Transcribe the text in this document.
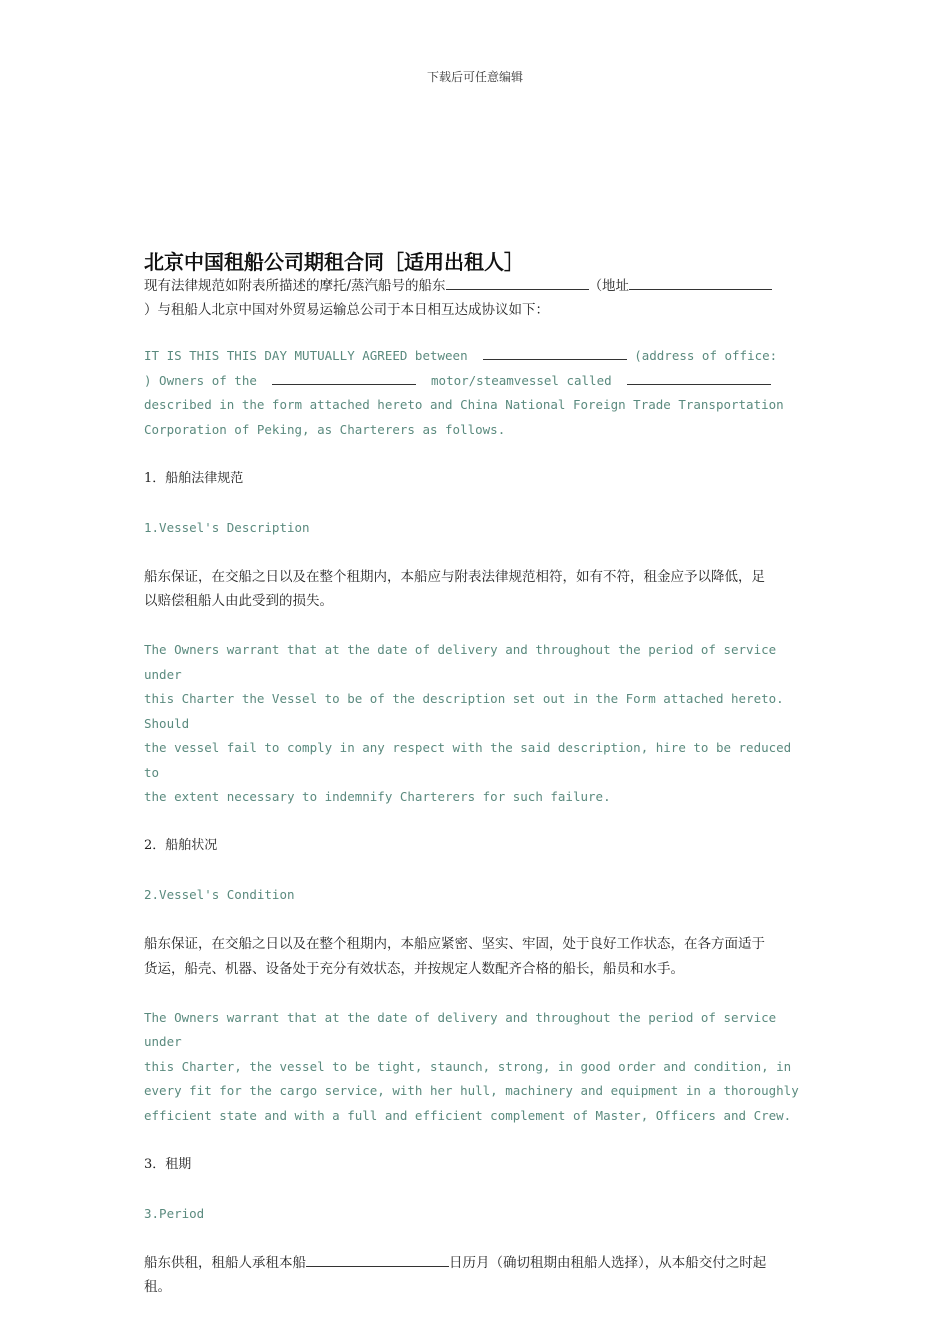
下载后可任意编辑
北京中国租船公司期租合同［适用出租人］

现有法律规范如附表所描述的摩托/蒸汽船号的船东	（地址

）与租船人北京中国对外贸易运输总公司于本日相互达成协议如下：

IT IS THIS THIS DAY MUTUALLY AGREED between	(address of office:

) Owners of the	motor/steamvessel called

described in the form attached hereto and China National Foreign Trade Transportation

Corporation of Peking, as Charterers as follows.

1．船舶法律规范

1.Vessel's Description

船东保证，在交船之日以及在整个租期内，本船应与附表法律规范相符，如有不符，租金应予以降低，足

以赔偿租船人由此受到的损失。

The Owners warrant that at the date of delivery and throughout the period of service under

this Charter the Vessel to be of the description set out in the Form attached hereto. Should

the vessel fail to comply in any respect with the said description, hire to be reduced to

the extent necessary to indemnify Charterers for such failure.

2．船舶状况

2.Vessel's Condition

船东保证，在交船之日以及在整个租期内，本船应紧密、坚实、牢固，处于良好工作状态，在各方面适于

货运，船壳、机器、设备处于充分有效状态，并按规定人数配齐合格的船长，船员和水手。

The Owners warrant that at the date of delivery and throughout the period of service under

this Charter, the vessel to be tight, staunch, strong, in good order and condition, in

every fit for the cargo service, with her hull, machinery and equipment in a thoroughly

efficient state and with a full and efficient complement of Master, Officers and Crew.

3．租期

3.Period

船东供租，租船人承租本船	日历月（确切租期由租船人选择），从本船交付之时起

租。
